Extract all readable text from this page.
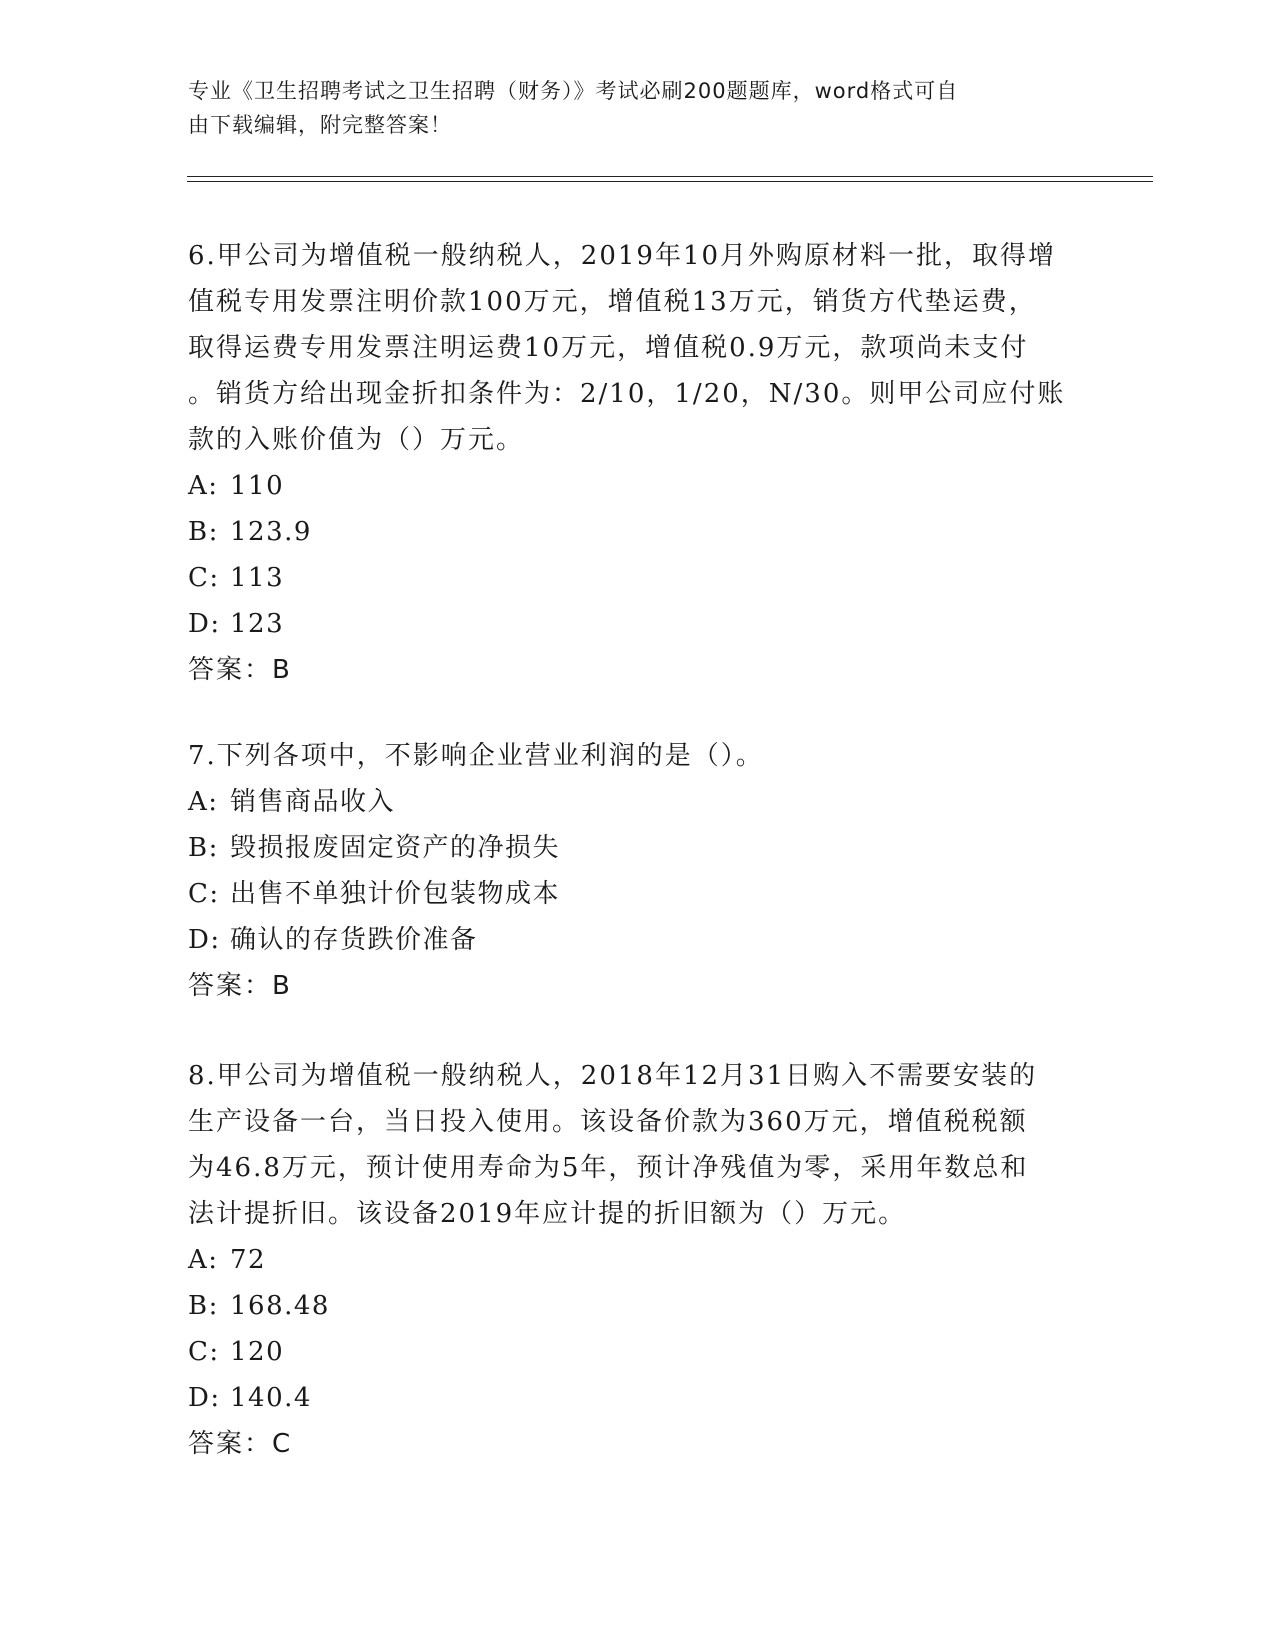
专业《卫生招聘考试之卫生招聘（财务）》考试必刷200题题库，word格式可自
由下载编辑，附完整答案！
6.甲公司为增值税一般纳税人，2019年10月外购原材料一批，取得增
值税专用发票注明价款100万元，增值税13万元，销货方代垫运费，
取得运费专用发票注明运费10万元，增值税0.9万元，款项尚未支付
。销货方给出现金折扣条件为：2/10，1/20，N/30。则甲公司应付账
款的入账价值为（）万元。
A: 110
B: 123.9
C: 113
D: 123
答案：B
7.下列各项中，不影响企业营业利润的是（）。
A: 销售商品收入
B: 毁损报废固定资产的净损失
C: 出售不单独计价包装物成本
D: 确认的存货跌价准备
答案：B
8.甲公司为增值税一般纳税人，2018年12月31日购入不需要安装的
生产设备一台，当日投入使用。该设备价款为360万元，增值税税额
为46.8万元，预计使用寿命为5年，预计净残值为零，采用年数总和
法计提折旧。该设备2019年应计提的折旧额为（）万元。
A: 72
B: 168.48
C: 120
D: 140.4
答案：C
